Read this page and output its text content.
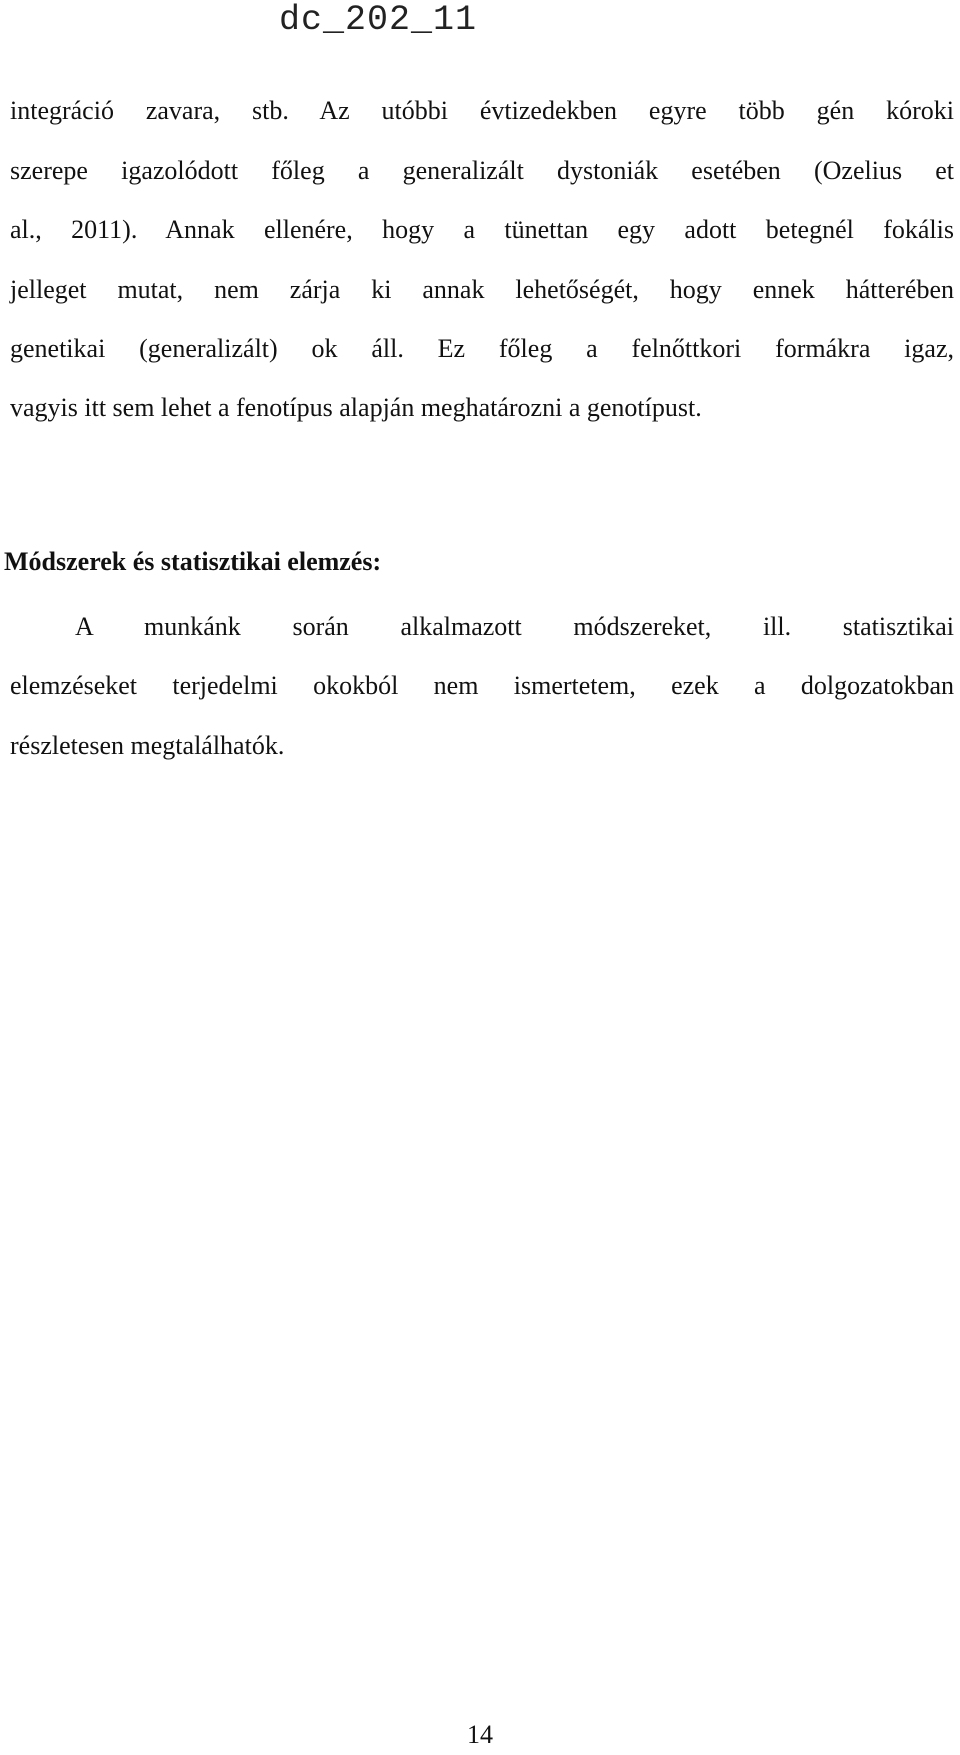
dc_202_11
integráció zavara, stb. Az utóbbi évtizedekben egyre több gén kóroki
szerepe igazolódott főleg a generalizált dystoniák esetében (Ozelius et
al., 2011). Annak ellenére, hogy a tünettan egy adott betegnél fokális
jelleget mutat, nem zárja ki annak lehetőségét, hogy ennek hátterében
genetikai (generalizált) ok áll. Ez főleg a felnőttkori formákra igaz,
vagyis itt sem lehet a fenotípus alapján meghatározni a genotípust.
Módszerek és statisztikai elemzés:
A munkánk során alkalmazott módszereket, ill. statisztikai
elemzéseket terjedelmi okokból nem ismertetem, ezek a dolgozatokban
részletesen megtalálhatók.
14
